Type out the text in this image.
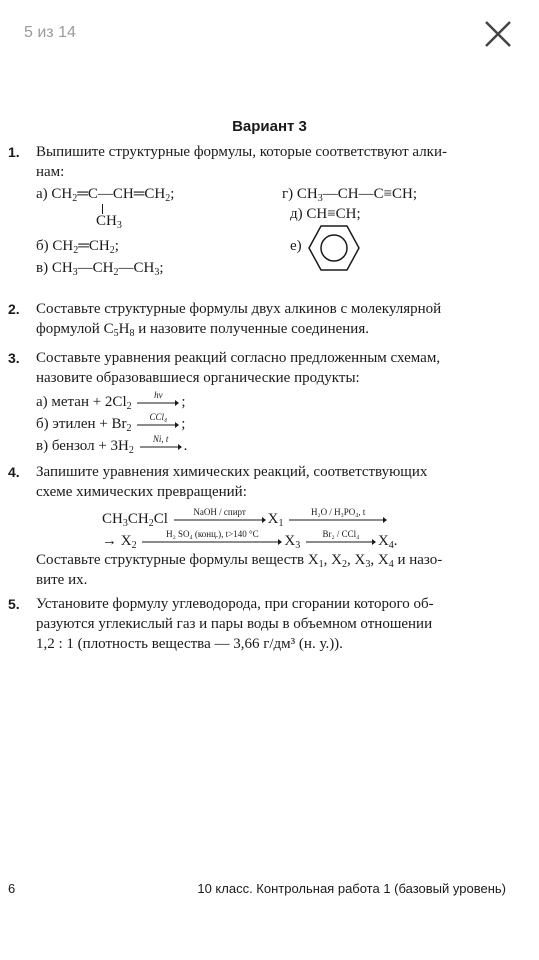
5 из 14
Вариант 3
1. Выпишите структурные формулы, которые соответствуют алки-
нам:
а) $CH_2═C—CH═CH_2$;
$CH_3$
г) $CH_3—CH—C\equiv CH$;
д) CH≡CH;
б) $CH_2═CH_2$;	е)
в) $CH_3—CH_2—CH_3$;
2. Составьте структурные формулы двух алкинов с молекулярной
формулой $C_5H_8$ и назовите полученные соединения.
3. Составьте уравнения реакций согласно предложенным схемам,
назовите образовавшиеся органические продукты:
а) метан + $2Cl_2$
hν	;
б) этилен + $Br_2$
CCl₄ ;
в) бензол + $3H_2$
Ni, t	.
4. Запишите уравнения химических реакций, соответствующих
схеме химических превращений:
$CH_3CH_2Cl$	NaOH / спирт	$X_1$
H₂O / H₃PO₄, t
→ $X_2$
H₂ SO₄ (конц.), t>140 °C	$X_3$
Br₂ / CCl₄	$X_4$.
Составьте структурные формулы веществ $X_1$, $X_2$, $X_3$, $X_4$ и назо-
вите их.
5. Установите формулу углеводорода, при сгорании которого об-
разуются углекислый газ и пары воды в объемном отношении
1,2 : 1 (плотность вещества — 3,66 г/дм³ (н. у.)).
6	10 класс. Контрольная работа 1 (базовый уровень)
